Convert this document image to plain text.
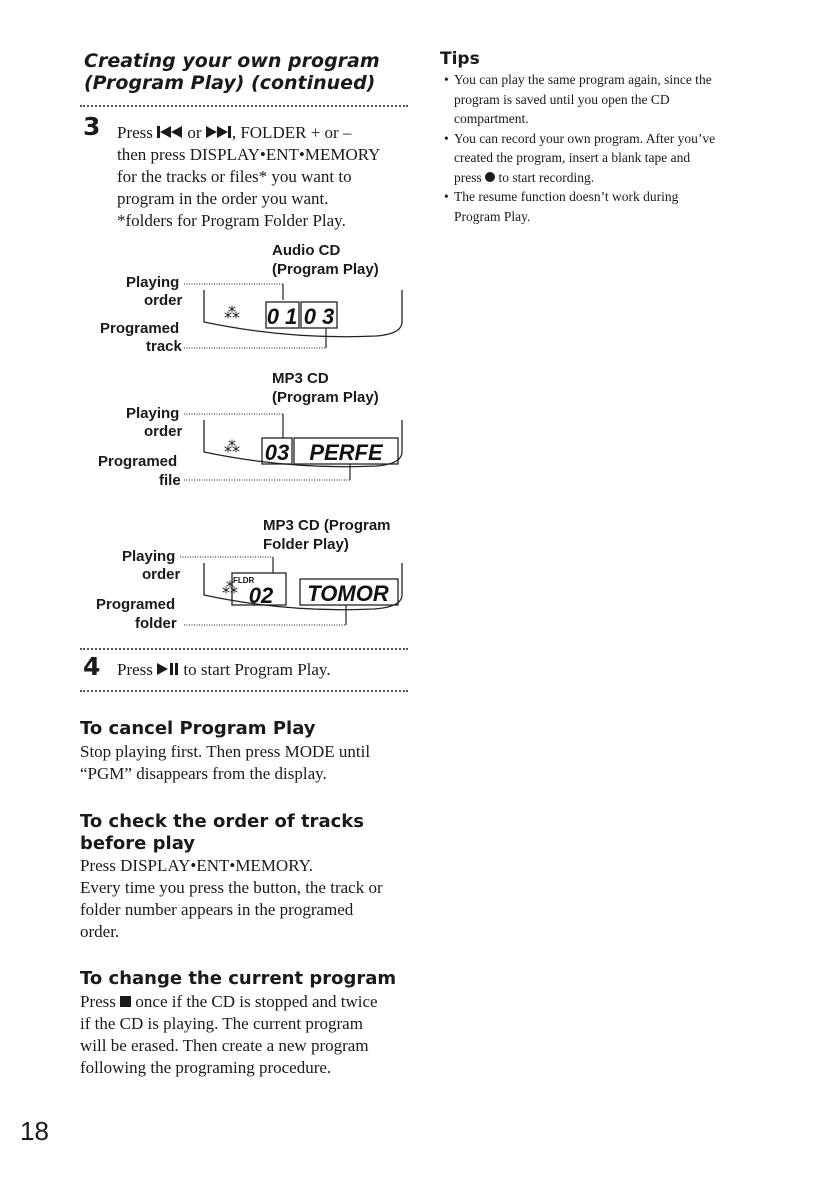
Creating your own program
(Program Play) (continued)
3 Press  or , FOLDER + or –
then press DISPLAY•ENT•MEMORY
for the tracks or files* you want to
program in the order you want.
*folders for Program Folder Play.
Audio CD
(Program Play)
Playing
order
Programed
track
⁂ 0 1 0 3
MP3 CD
(Program Play)
Playing
order
Programed
file
⁂ 03 PERFE
MP3 CD (Program
Folder Play)
Playing
order
Programed
folder
⁂
FLDR
02 TOMOR
4 Press  to start Program Play.
To cancel Program Play
Stop playing first. Then press MODE until
“PGM” disappears from the display.
To check the order of tracks
before play
Press DISPLAY•ENT•MEMORY.
Every time you press the button, the track or
folder number appears in the programed
order.
To change the current program
Press  once if the CD is stopped and twice
if the CD is playing. The current program
will be erased. Then create a new program
following the programing procedure.
Tips
• You can play the same program again, since the
program is saved until you open the CD
compartment.
• You can record your own program. After you’ve
created the program, insert a blank tape and
press  to start recording.
• The resume function doesn’t work during
Program Play.
18
